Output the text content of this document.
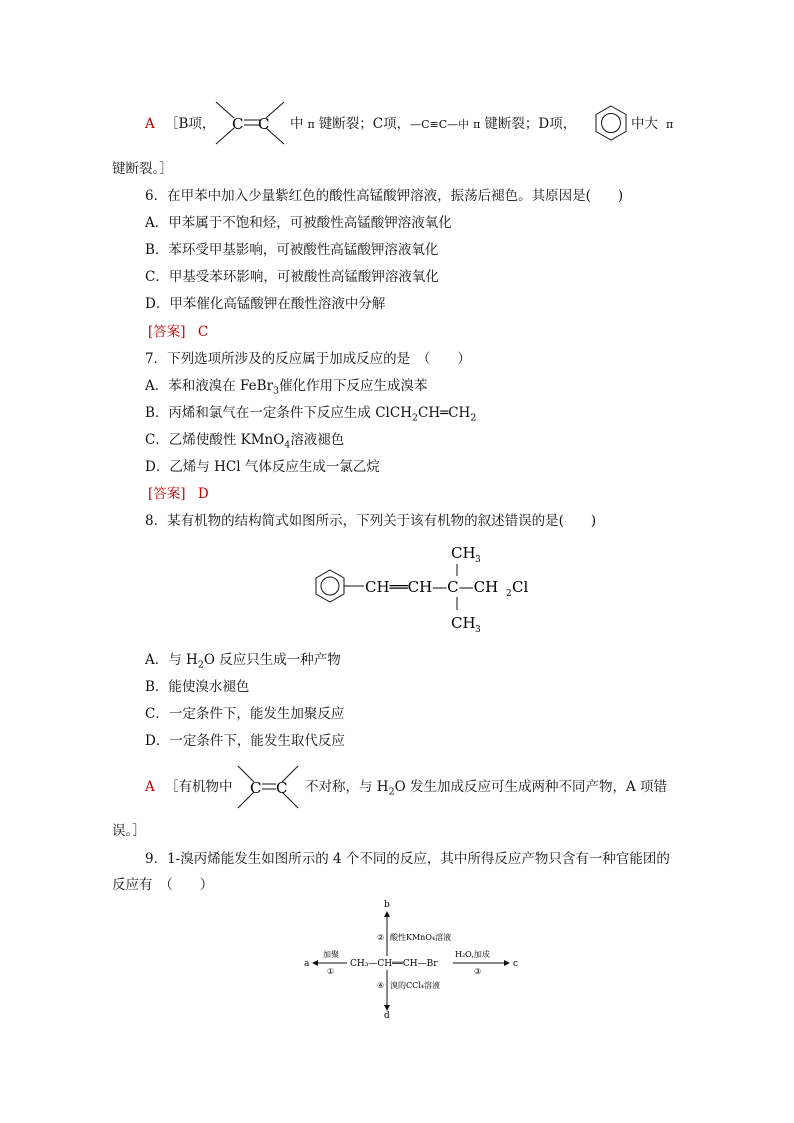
A ［B项， C C 中 π 键断裂；C项，—C≡C—中 π 键断裂；D项，	中大 π
键断裂。］
6．在甲苯中加入少量紫红色的酸性高锰酸钾溶液，振荡后褪色。其原因是(　　)
A．甲苯属于不饱和烃，可被酸性高锰酸钾溶液氧化
B．苯环受甲基影响，可被酸性高锰酸钾溶液氧化
C．甲基受苯环影响，可被酸性高锰酸钾溶液氧化
D．甲苯催化高锰酸钾在酸性溶液中分解
[答案] C
7．下列选项所涉及的反应属于加成反应的是　（　　）
A．苯和液溴在 FeBr$_3$催化作用下反应生成溴苯
B．丙烯和氯气在一定条件下反应生成 $ClCH_2CH═CH_2$
C．乙烯使酸性 KMnO$_4$溶液褪色
D．乙烯与 HCl 气体反应生成一氯乙烷
[答案] D
8．某有机物的结构简式如图所示，下列关于该有机物的叙述错误的是(　　)
CH══CH—C—CH
CH 3
CH 3
2 Cl
A．与 $H_2O$ 反应只生成一种产物
B．能使溴水褪色
C．一定条件下，能发生加聚反应
D．一定条件下，能发生取代反应
A ［有机物中 C C 不对称，与 $H_2O$ 发生加成反应可生成两种不同产物，A 项错
误。］
9．1-溴丙烯能发生如图所示的 4 个不同的反应，其中所得反应产物只含有一种官能团的
反应有　（　　）
CH₃—CH══CH—Br
a
加聚
①
b
② 酸性KMnO₄溶液
c
H₂O,加成
③
d
④ 溴的CCl₄溶液
